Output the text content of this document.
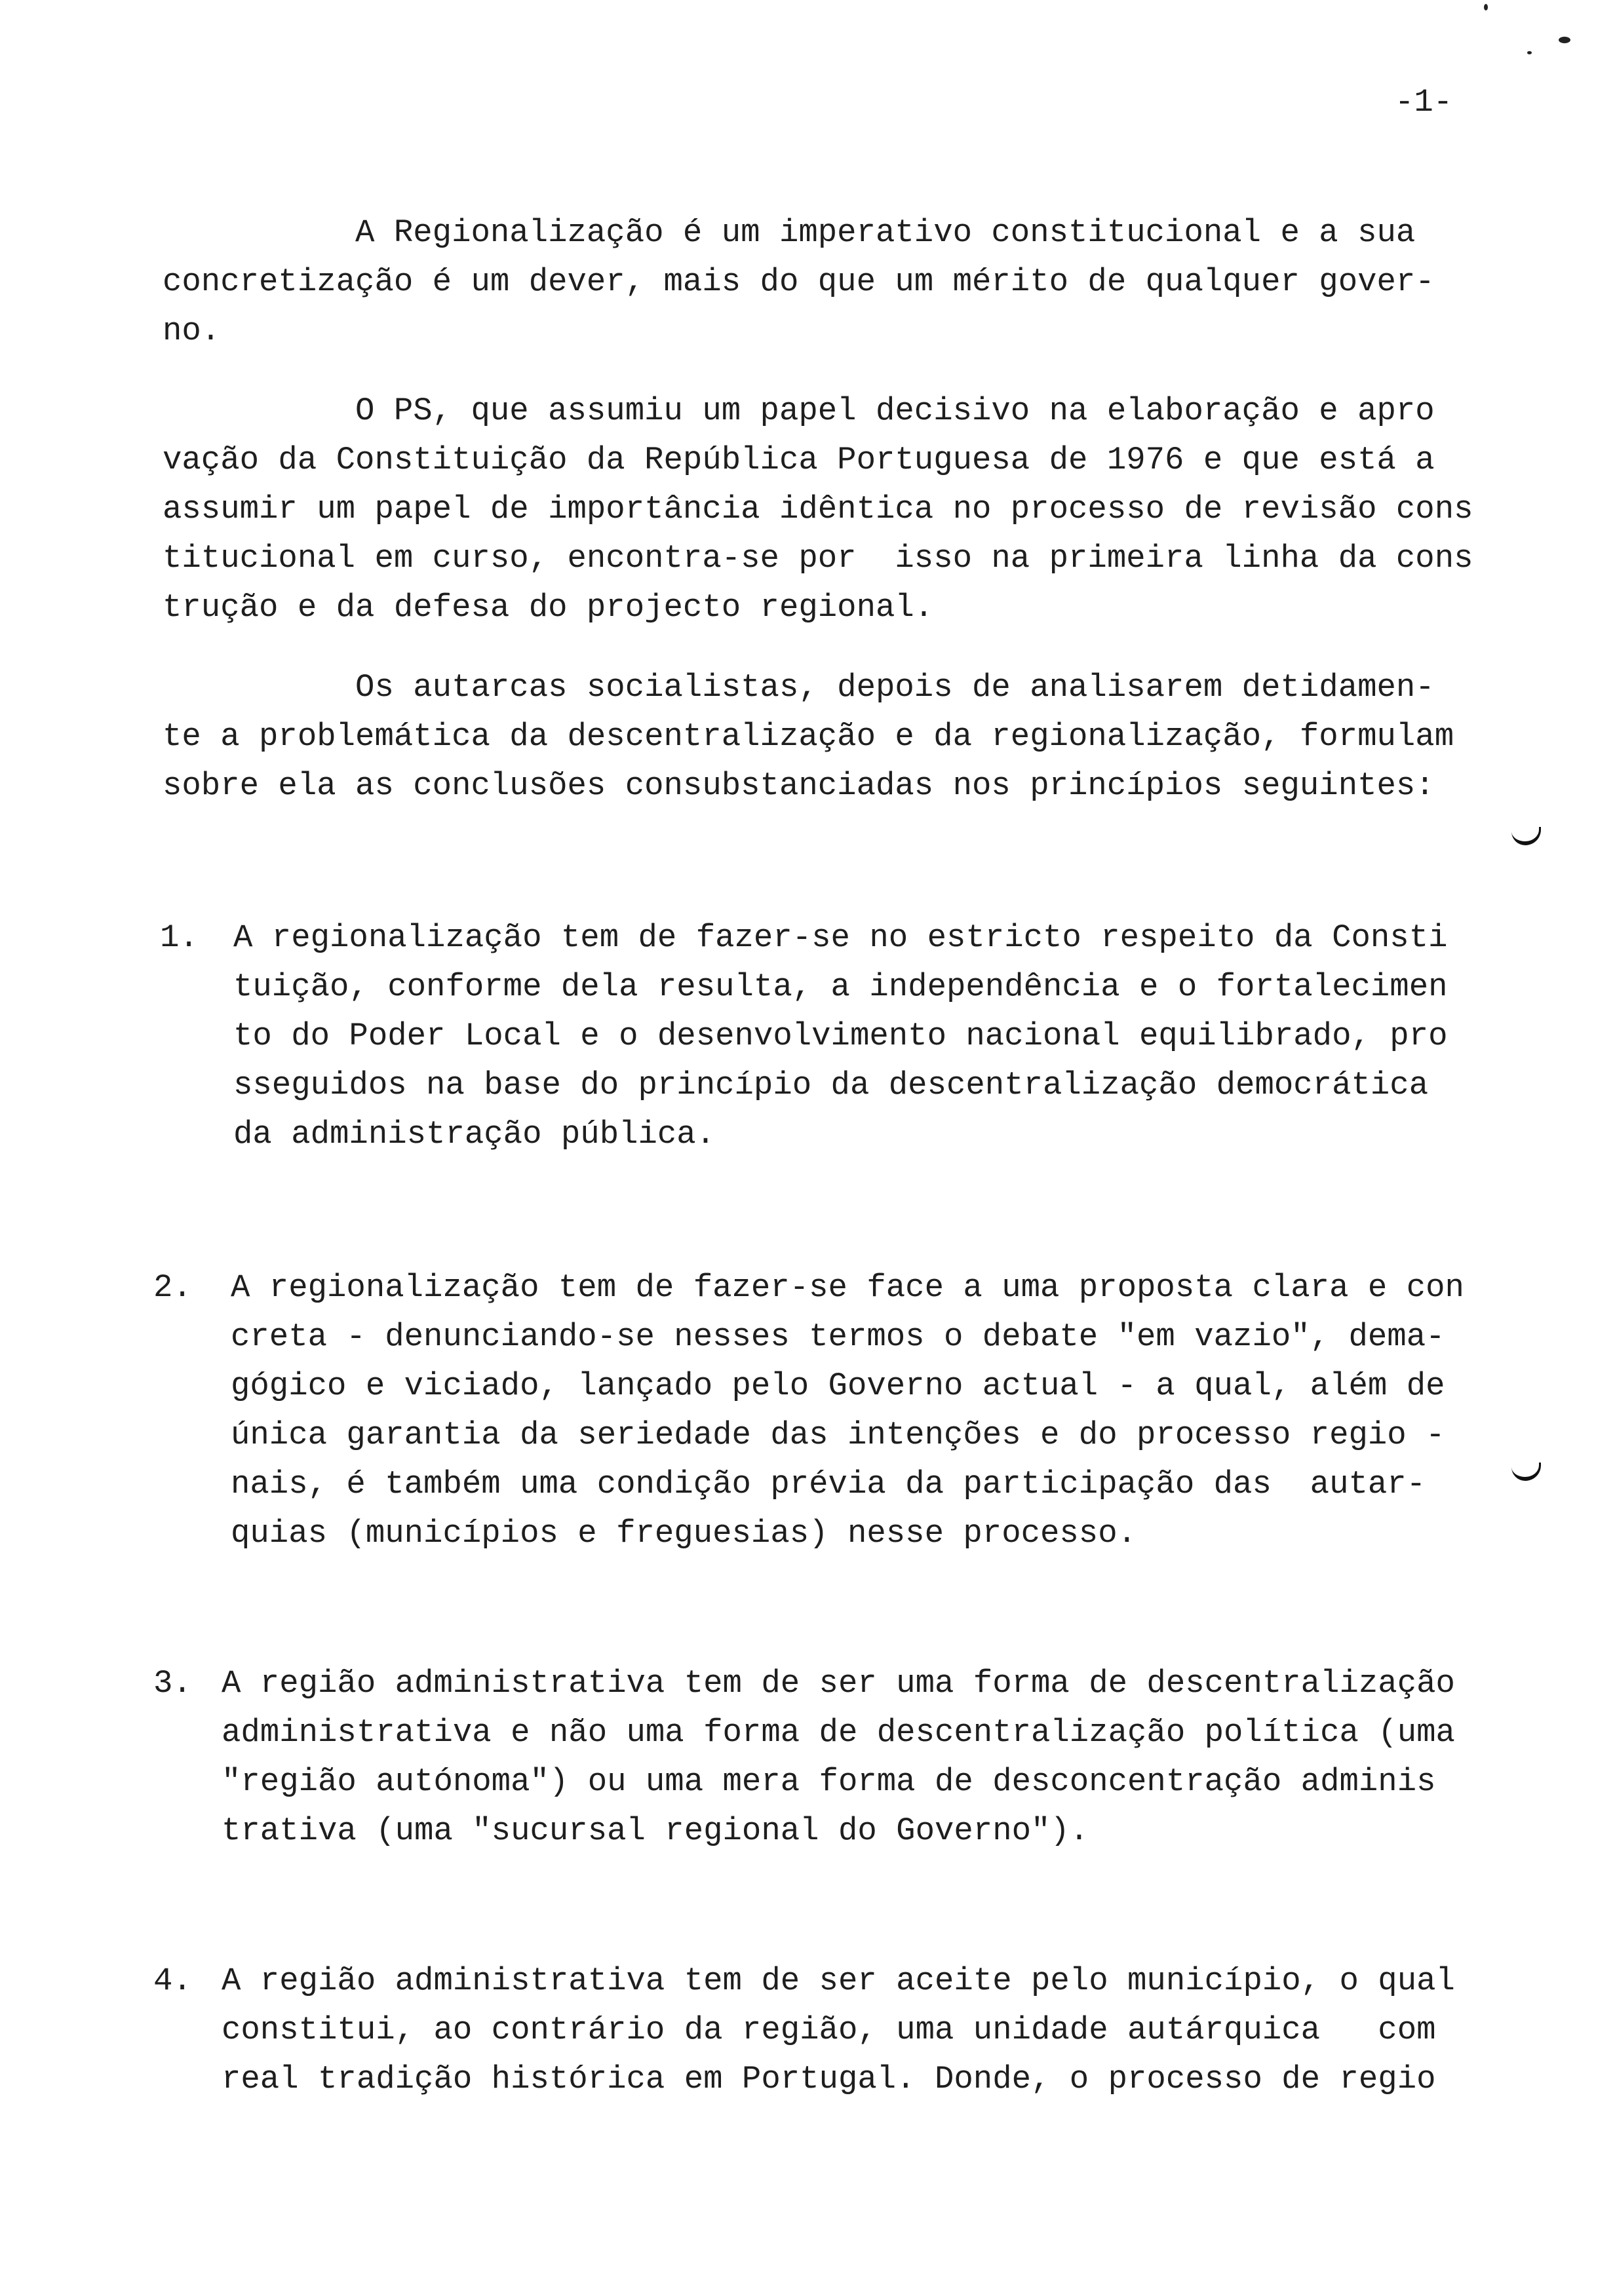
-1-

A Regionalização é um imperativo constitucional e a sua
concretização é um dever, mais do que um mérito de qualquer gover-
no.

O PS, que assumiu um papel decisivo na elaboração e apro
vação da Constituição da República Portuguesa de 1976 e que está a
assumir um papel de importância idêntica no processo de revisão cons
titucional em curso, encontra-se por  isso na primeira linha da cons
trução e da defesa do projecto regional.

Os autarcas socialistas, depois de analisarem detidamen-
te a problemática da descentralização e da regionalização, formulam
sobre ela as conclusões consubstanciadas nos princípios seguintes:

1. A regionalização tem de fazer-se no estricto respeito da Consti
tuição, conforme dela resulta, a independência e o fortalecimen
to do Poder Local e o desenvolvimento nacional equilibrado, pro
sseguidos na base do princípio da descentralização democrática
da administração pública.

2. A regionalização tem de fazer-se face a uma proposta clara e con
creta - denunciando-se nesses termos o debate "em vazio", dema-
gógico e viciado, lançado pelo Governo actual - a qual, além de
única garantia da seriedade das intenções e do processo regio -
nais, é também uma condição prévia da participação das  autar-
quias (municípios e freguesias) nesse processo.

3. A região administrativa tem de ser uma forma de descentralização
administrativa e não uma forma de descentralização política (uma
"região autónoma") ou uma mera forma de desconcentração adminis
trativa (uma "sucursal regional do Governo").

4. A região administrativa tem de ser aceite pelo município, o qual
constitui, ao contrário da região, uma unidade autárquica   com
real tradição histórica em Portugal. Donde, o processo de regio
